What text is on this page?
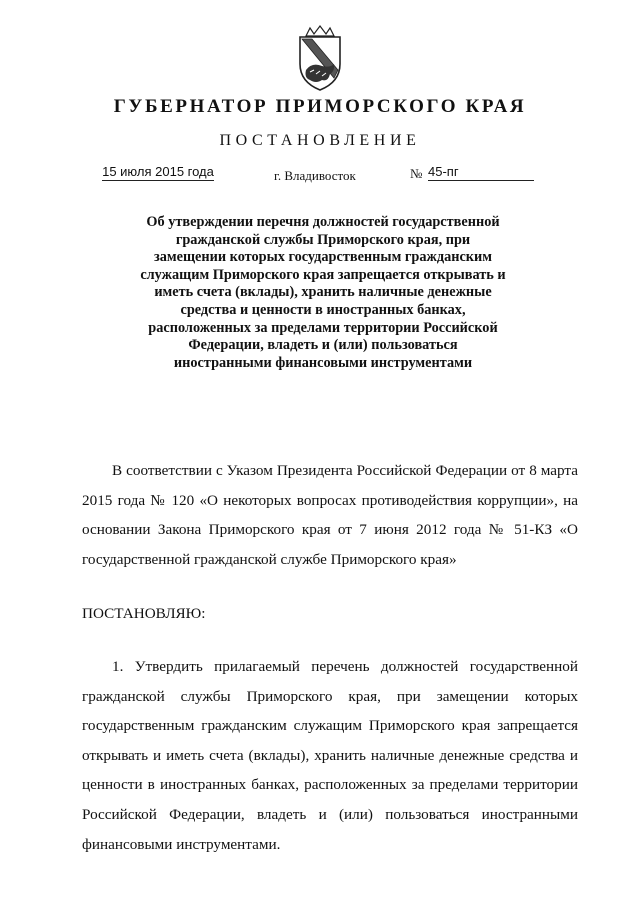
ГУБЕРНАТОР ПРИМОРСКОГО КРАЯ
ПОСТАНОВЛЕНИЕ
15 июля 2015 года	г. Владивосток	№ 45-пг
Об утверждении перечня должностей государственной гражданской службы Приморского края, при замещении которых государственным гражданским служащим Приморского края запрещается открывать и иметь счета (вклады), хранить наличные денежные средства и ценности в иностранных банках, расположенных за пределами территории Российской Федерации, владеть и (или) пользоваться иностранными финансовыми инструментами
В соответствии с Указом Президента Российской Федерации от 8 марта 2015 года № 120 «О некоторых вопросах противодействия коррупции», на основании Закона Приморского края от 7 июня 2012 года № 51-КЗ «О государственной гражданской службе Приморского края»
ПОСТАНОВЛЯЮ:
1. Утвердить прилагаемый перечень должностей государственной гражданской службы Приморского края, при замещении которых государственным гражданским служащим Приморского края запрещается открывать и иметь счета (вклады), хранить наличные денежные средства и ценности в иностранных банках, расположенных за пределами территории Российской Федерации, владеть и (или) пользоваться иностранными финансовыми инструментами.
